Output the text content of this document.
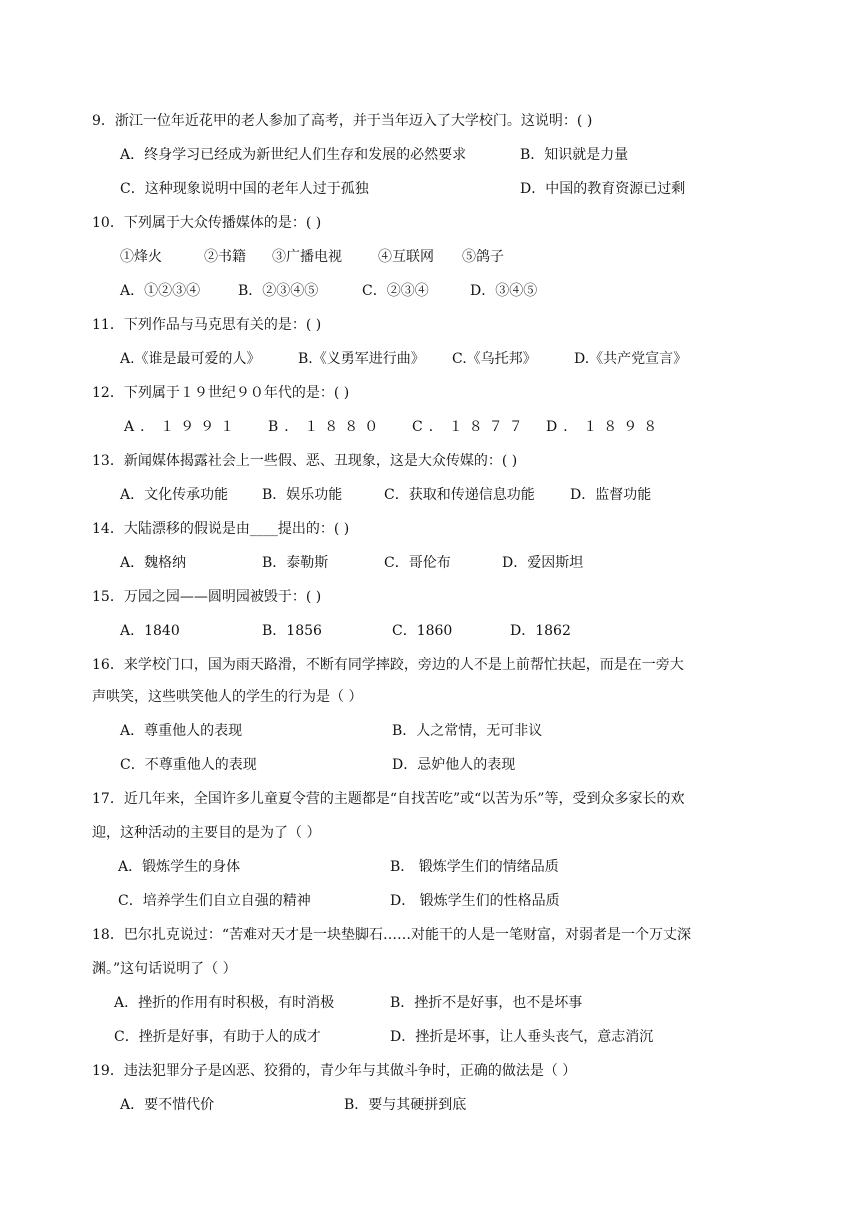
9．浙江一位年近花甲的老人参加了高考，并于当年迈入了大学校门。这说明：( )
A．终身学习已经成为新世纪人们生存和发展的必然要求	B．知识就是力量
C．这种现象说明中国的老年人过于孤独	D．中国的教育资源已过剩
10．下列属于大众传播媒体的是：( )
①烽火	②书籍 ③广播电视	④互联网 ⑤鸽子
A．①②③④	B．②③④⑤	C．②③④	D．③④⑤
11．下列作品与马克思有关的是：( )
A.《谁是最可爱的人》	B.《义勇军进行曲》 C.《乌托邦》	D.《共产党宣言》
12．下列属于１９世纪９０年代的是：( )
A．１９９１ B．１８８０ C．１８７７ D．１８９８
13．新闻媒体揭露社会上一些假、恶、丑现象，这是大众传媒的：( )
A．文化传承功能 B．娱乐功能	C．获取和传递信息功能	D．监督功能
14．大陆漂移的假说是由____提出的：( )
A．魏格纳	B．泰勒斯	C．哥伦布	D．爱因斯坦
15．万园之园——圆明园被毁于：( )
A．1840	B．1856	C．1860	D．1862
16．来学校门口，国为雨天路滑，不断有同学摔跤，旁边的人不是上前帮忙扶起，而是在一旁大
声哄笑，这些哄笑他人的学生的行为是（ ）
A．尊重他人的表现	B．人之常情，无可非议
C．不尊重他人的表现	D．忌妒他人的表现
17．近几年来，全国许多儿童夏令营的主题都是“自找苦吃”或“以苦为乐”等，受到众多家长的欢
迎，这种活动的主要目的是为了（ ）
A．锻炼学生的身体	B． 锻炼学生们的情绪品质
C．培养学生们自立自强的精神	D． 锻炼学生们的性格品质
18．巴尔扎克说过：“苦难对天才是一块垫脚石……对能干的人是一笔财富，对弱者是一个万丈深
渊。”这句话说明了（ ）
A．挫折的作用有时积极，有时消极	B．挫折不是好事，也不是坏事
C．挫折是好事，有助于人的成才	D．挫折是坏事，让人垂头丧气，意志消沉
19．违法犯罪分子是凶恶、狡猾的，青少年与其做斗争时，正确的做法是（ ）
A．要不惜代价	B．要与其硬拼到底
